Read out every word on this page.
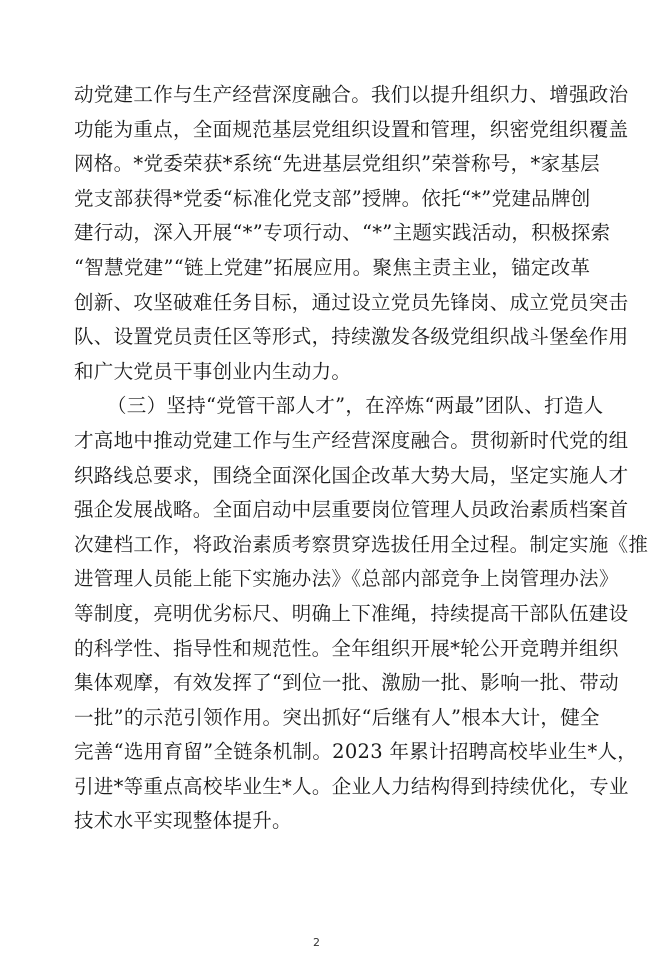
动党建工作与生产经营深度融合。我们以提升组织力、增强政治
功能为重点，全面规范基层党组织设置和管理，织密党组织覆盖
网格。*党委荣获*系统“先进基层党组织”荣誉称号，*家基层
党支部获得*党委“标准化党支部”授牌。依托“*”党建品牌创
建行动，深入开展“*”专项行动、“*”主题实践活动，积极探索
“智慧党建”“链上党建”拓展应用。聚焦主责主业，锚定改革
创新、攻坚破难任务目标，通过设立党员先锋岗、成立党员突击
队、设置党员责任区等形式，持续激发各级党组织战斗堡垒作用
和广大党员干事创业内生动力。
（三）坚持“党管干部人才”，在淬炼“两最”团队、打造人
才高地中推动党建工作与生产经营深度融合。贯彻新时代党的组
织路线总要求，围绕全面深化国企改革大势大局，坚定实施人才
强企发展战略。全面启动中层重要岗位管理人员政治素质档案首
次建档工作，将政治素质考察贯穿选拔任用全过程。制定实施《推
进管理人员能上能下实施办法》《总部内部竞争上岗管理办法》
等制度，亮明优劣标尺、明确上下准绳，持续提高干部队伍建设
的科学性、指导性和规范性。全年组织开展*轮公开竞聘并组织
集体观摩，有效发挥了“到位一批、激励一批、影响一批、带动
一批”的示范引领作用。突出抓好“后继有人”根本大计，健全
完善“选用育留”全链条机制。2023 年累计招聘高校毕业生*人，
引进*等重点高校毕业生*人。企业人力结构得到持续优化，专业
技术水平实现整体提升。
2
